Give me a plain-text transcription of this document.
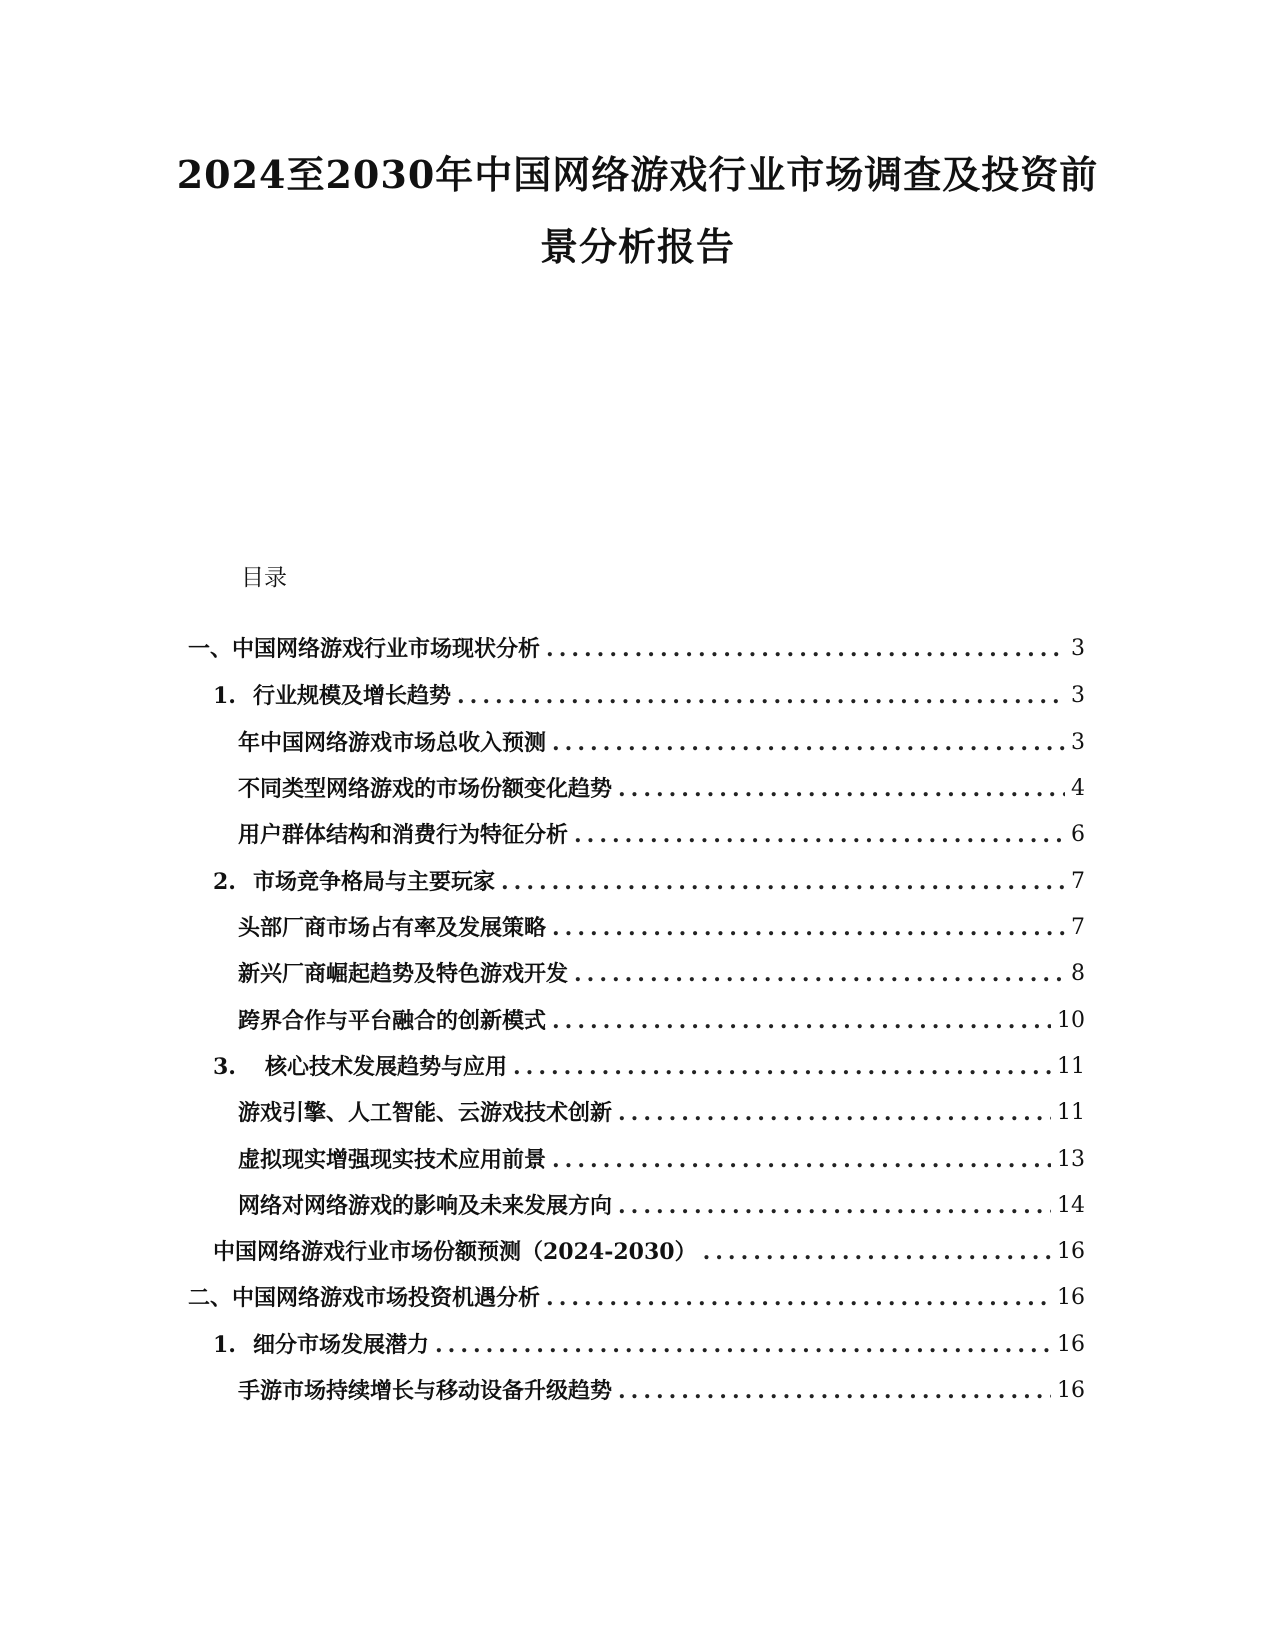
2024至2030年中国网络游戏行业市场调查及投资前
景分析报告
目录
一、 中国网络游戏行业市场现状分析 .....	3
1. 行业规模及增长趋势 .....	3
年中国网络游戏市场总收入预测 .....	3
不同类型网络游戏的市场份额变化趋势 .....	4
用户群体结构和消费行为特征分析 .....	6
2. 市场竞争格局与主要玩家 .....	7
头部厂商市场占有率及发展策略 .....	7
新兴厂商崛起趋势及特色游戏开发 .....	8
跨界合作与平台融合的创新模式 .....	10
3.	核心技术发展趋势与应用 .....	11
游戏引擎、人工智能、云游戏技术创新 .....	11
虚拟现实增强现实技术应用前景 .....	13
网络对网络游戏的影响及未来发展方向 .....	14
中国网络游戏行业市场份额预测（2024-2030） .....	16
二、 中国网络游戏市场投资机遇分析 .....	16
1. 细分市场发展潜力 .....	16
手游市场持续增长与移动设备升级趋势 .....	16
